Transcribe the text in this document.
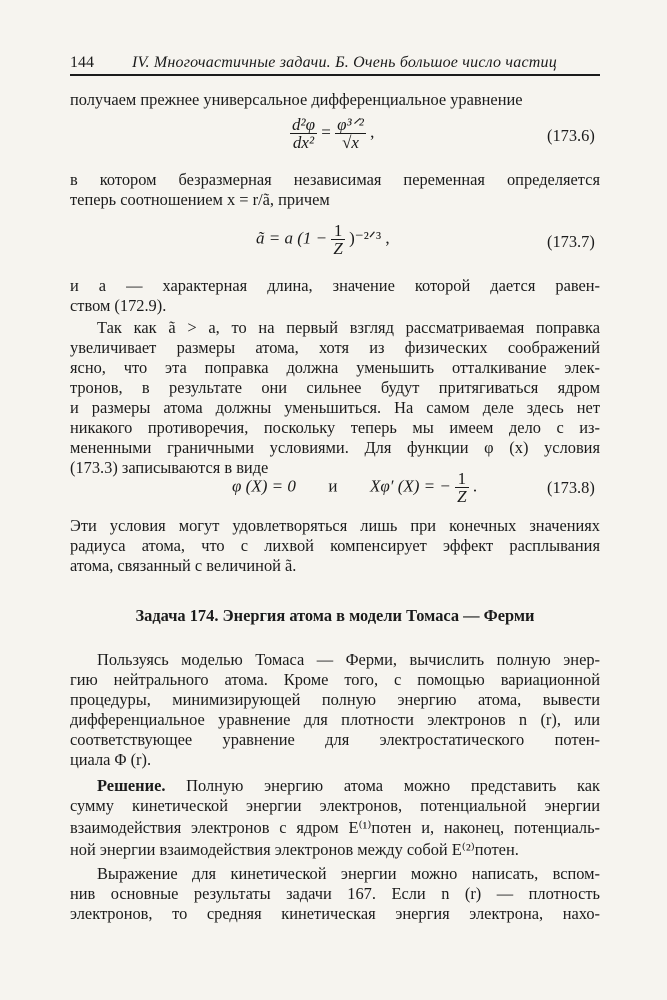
144 IV. Многочастичные задачи. Б. Очень большое число частиц
получаем прежнее универсальное дифференциальное уравнение
$\frac{\text{d²φ}}{\text{dx²}} = \frac{\text{φ³ᐟ²}}{√x}$ ,	(173.6)
в котором безразмерная независимая переменная определяется
теперь соотношением x = r/ã, причем
ã = a ($1 - \frac{1}{Z}$ )⁻²ᐟ³ ,	(173.7)
и a — характерная длина, значение которой дается равен-
ством (172.9).
Так как ã > a, то на первый взгляд рассматриваемая поправка
увеличивает размеры атома, хотя из физических соображений
ясно, что эта поправка должна уменьшить отталкивание элек-
тронов, в результате они сильнее будут притягиваться ядром
и размеры атома должны уменьшиться. На самом деле здесь нет
никакого противоречия, поскольку теперь мы имеем дело с из-
мененными граничными условиями. Для функции φ (x) условия
(173.3) записываются в виде
φ (X) = 0 и Xφ′ (X) = − $\frac{1}{Z}$ .	(173.8)
Эти условия могут удовлетворяться лишь при конечных значениях
радиуса атома, что с лихвой компенсирует эффект расплывания
атома, связанный с величиной ã.
Задача 174. Энергия атома в модели Томаса — Ферми
Пользуясь моделью Томаса — Ферми, вычислить полную энер-
гию нейтрального атома. Кроме того, с помощью вариационной
процедуры, минимизирующей полную энергию атома, вывести
дифференциальное уравнение для плотности электронов n (r), или
соответствующее уравнение для электростатического потен-
циала Φ (r).
Решение. Полную энергию атома можно представить как
сумму кинетической энергии электронов, потенциальной энергии
взаимодействия электронов с ядром E⁽¹⁾потен и, наконец, потенциаль-
ной энергии взаимодействия электронов между собой E⁽²⁾потен.
Выражение для кинетической энергии можно написать, вспом-
нив основные результаты задачи 167. Если n (r) — плотность
электронов, то средняя кинетическая энергия электрона, нахо-
